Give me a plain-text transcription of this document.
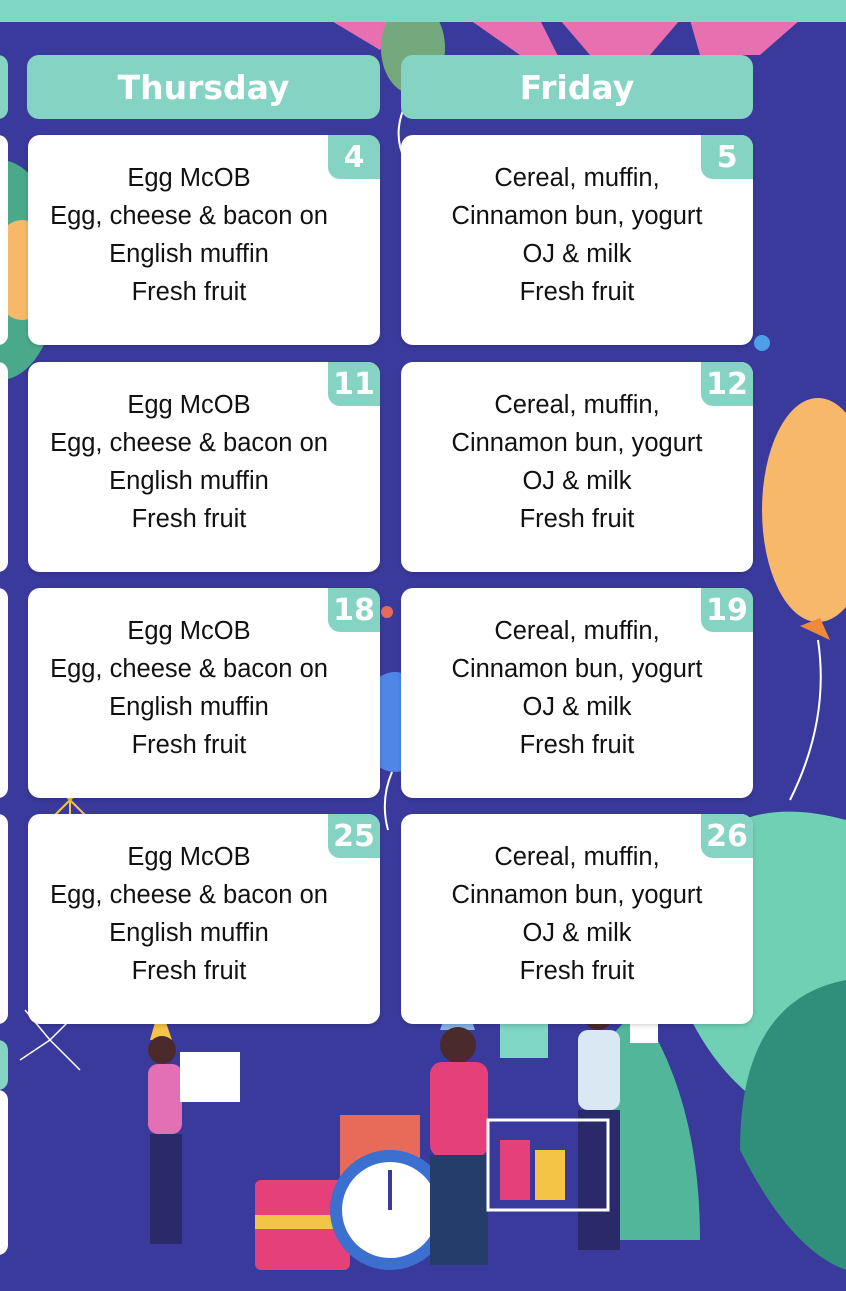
Thursday	Friday
Egg McOB
Egg, cheese & bacon on
English muffin
Fresh fruit
4
Cereal, muffin,
Cinnamon bun, yogurt
OJ & milk
Fresh fruit
5
Egg McOB
Egg, cheese & bacon on
English muffin
Fresh fruit
11
Cereal, muffin,
Cinnamon bun, yogurt
OJ & milk
Fresh fruit
12
Egg McOB
Egg, cheese & bacon on
English muffin
Fresh fruit
18
Cereal, muffin,
Cinnamon bun, yogurt
OJ & milk
Fresh fruit
19
Egg McOB
Egg, cheese & bacon on
English muffin
Fresh fruit
25
Cereal, muffin,
Cinnamon bun, yogurt
OJ & milk
Fresh fruit
26
